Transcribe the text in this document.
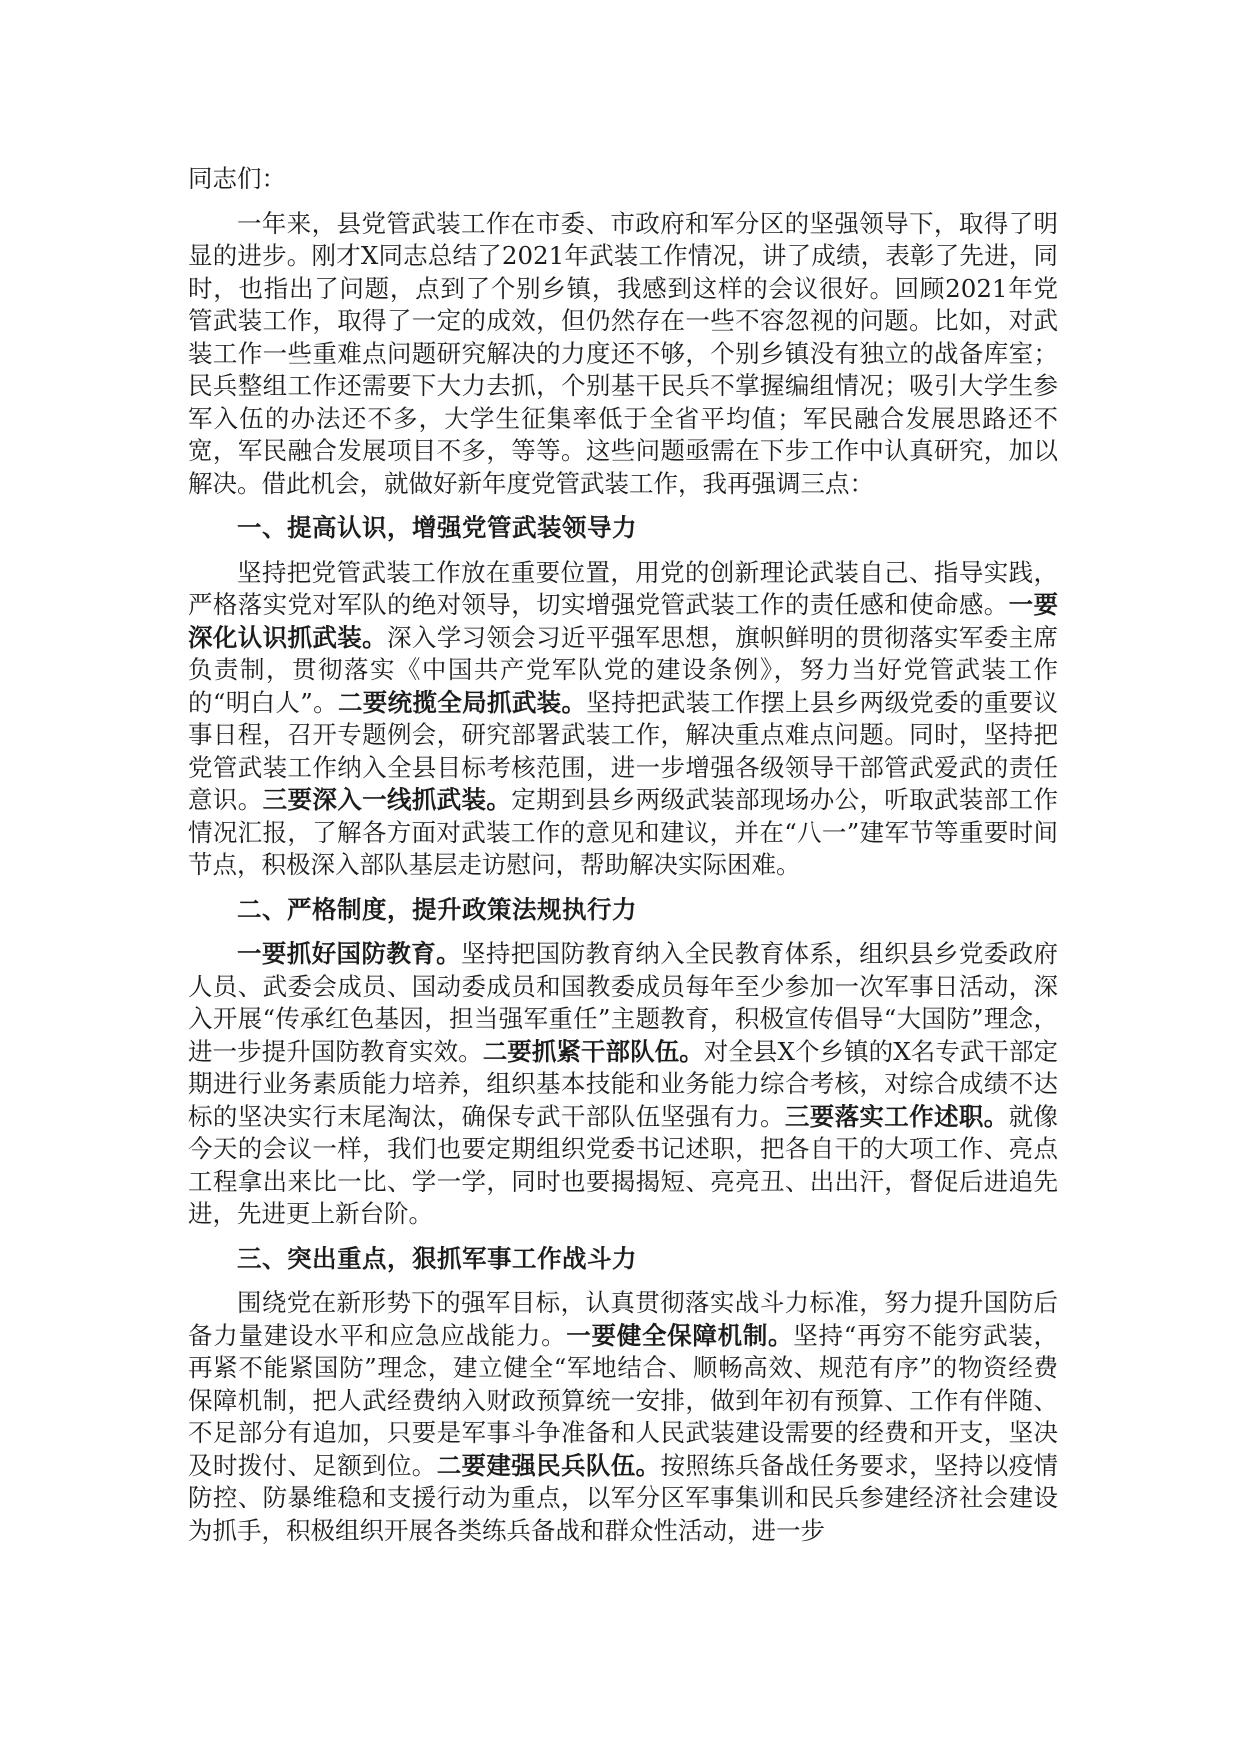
同志们：

一年来，县党管武装工作在市委、市政府和军分区的坚强领导下，取得了明显的进步。刚才X同志总结了2021年武装工作情况，讲了成绩，表彰了先进，同时，也指出了问题，点到了个别乡镇，我感到这样的会议很好。回顾2021年党管武装工作，取得了一定的成效，但仍然存在一些不容忽视的问题。比如，对武装工作一些重难点问题研究解决的力度还不够，个别乡镇没有独立的战备库室；民兵整组工作还需要下大力去抓，个别基干民兵不掌握编组情况；吸引大学生参军入伍的办法还不多，大学生征集率低于全省平均值；军民融合发展思路还不宽，军民融合发展项目不多，等等。这些问题亟需在下步工作中认真研究，加以解决。借此机会，就做好新年度党管武装工作，我再强调三点：

一、提高认识，增强党管武装领导力

坚持把党管武装工作放在重要位置，用党的创新理论武装自己、指导实践，严格落实党对军队的绝对领导，切实增强党管武装工作的责任感和使命感。一要深化认识抓武装。深入学习领会习近平强军思想，旗帜鲜明的贯彻落实军委主席负责制，贯彻落实《中国共产党军队党的建设条例》，努力当好党管武装工作的“明白人”。二要统揽全局抓武装。坚持把武装工作摆上县乡两级党委的重要议事日程，召开专题例会，研究部署武装工作，解决重点难点问题。同时，坚持把党管武装工作纳入全县目标考核范围，进一步增强各级领导干部管武爱武的责任意识。三要深入一线抓武装。定期到县乡两级武装部现场办公，听取武装部工作情况汇报，了解各方面对武装工作的意见和建议，并在“八一”建军节等重要时间节点，积极深入部队基层走访慰问，帮助解决实际困难。

二、严格制度，提升政策法规执行力

一要抓好国防教育。坚持把国防教育纳入全民教育体系，组织县乡党委政府人员、武委会成员、国动委成员和国教委成员每年至少参加一次军事日活动，深入开展“传承红色基因，担当强军重任”主题教育，积极宣传倡导“大国防”理念，进一步提升国防教育实效。二要抓紧干部队伍。对全县X个乡镇的X名专武干部定期进行业务素质能力培养，组织基本技能和业务能力综合考核，对综合成绩不达标的坚决实行末尾淘汰，确保专武干部队伍坚强有力。三要落实工作述职。就像今天的会议一样，我们也要定期组织党委书记述职，把各自干的大项工作、亮点工程拿出来比一比、学一学，同时也要揭揭短、亮亮丑、出出汗，督促后进追先进，先进更上新台阶。

三、突出重点，狠抓军事工作战斗力

围绕党在新形势下的强军目标，认真贯彻落实战斗力标准，努力提升国防后备力量建设水平和应急应战能力。一要健全保障机制。坚持“再穷不能穷武装，再紧不能紧国防”理念，建立健全“军地结合、顺畅高效、规范有序”的物资经费保障机制，把人武经费纳入财政预算统一安排，做到年初有预算、工作有伴随、不足部分有追加，只要是军事斗争准备和人民武装建设需要的经费和开支，坚决及时拨付、足额到位。二要建强民兵队伍。按照练兵备战任务要求，坚持以疫情防控、防暴维稳和支援行动为重点，以军分区军事集训和民兵参建经济社会建设为抓手，积极组织开展各类练兵备战和群众性活动，进一步
